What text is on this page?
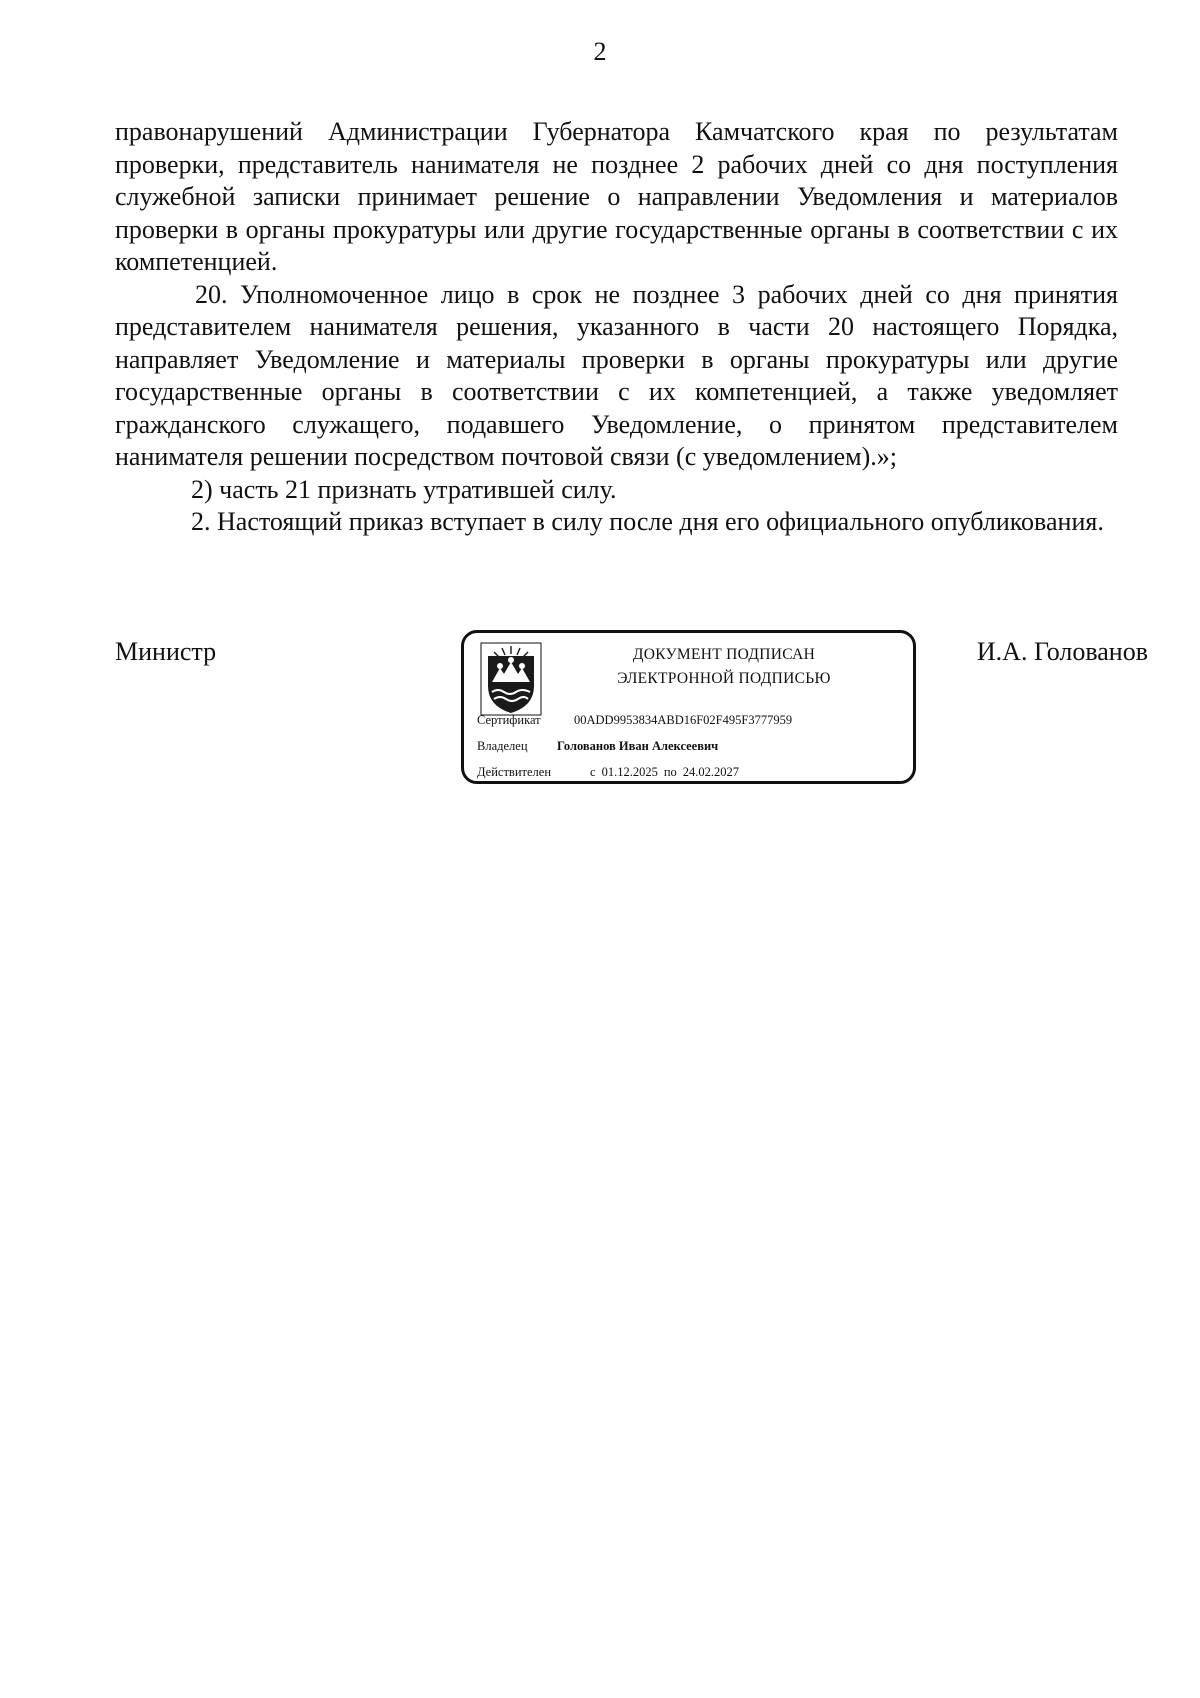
2

правонарушений Администрации Губернатора Камчатского края по результатам проверки, представитель нанимателя не позднее 2 рабочих дней со дня поступления служебной записки принимает решение о направлении Уведомления и материалов проверки в органы прокуратуры или другие государственные органы в соответствии с их компетенцией.

20. Уполномоченное лицо в срок не позднее 3 рабочих дней со дня принятия представителем нанимателя решения, указанного в части 20 настоящего Порядка, направляет Уведомление и материалы проверки в органы прокуратуры или другие государственные органы в соответствии с их компетенцией, а также уведомляет гражданского служащего, подавшего Уведомление, о принятом представителем нанимателя решении посредством почтовой связи (с уведомлением).»;

2) часть 21 признать утратившей силу.

2. Настоящий приказ вступает в силу после дня его официального опубликования.

Министр	ДОКУМЕНТ ПОДПИСАН
ЭЛЕКТРОННОЙ ПОДПИСЬЮ
Сертификат	00ADD9953834ABD16F02F495F3777959
Владелец Голованов Иван Алексеевич
Действителен	с 01.12.2025 по 24.02.2027
И.А. Голованов
